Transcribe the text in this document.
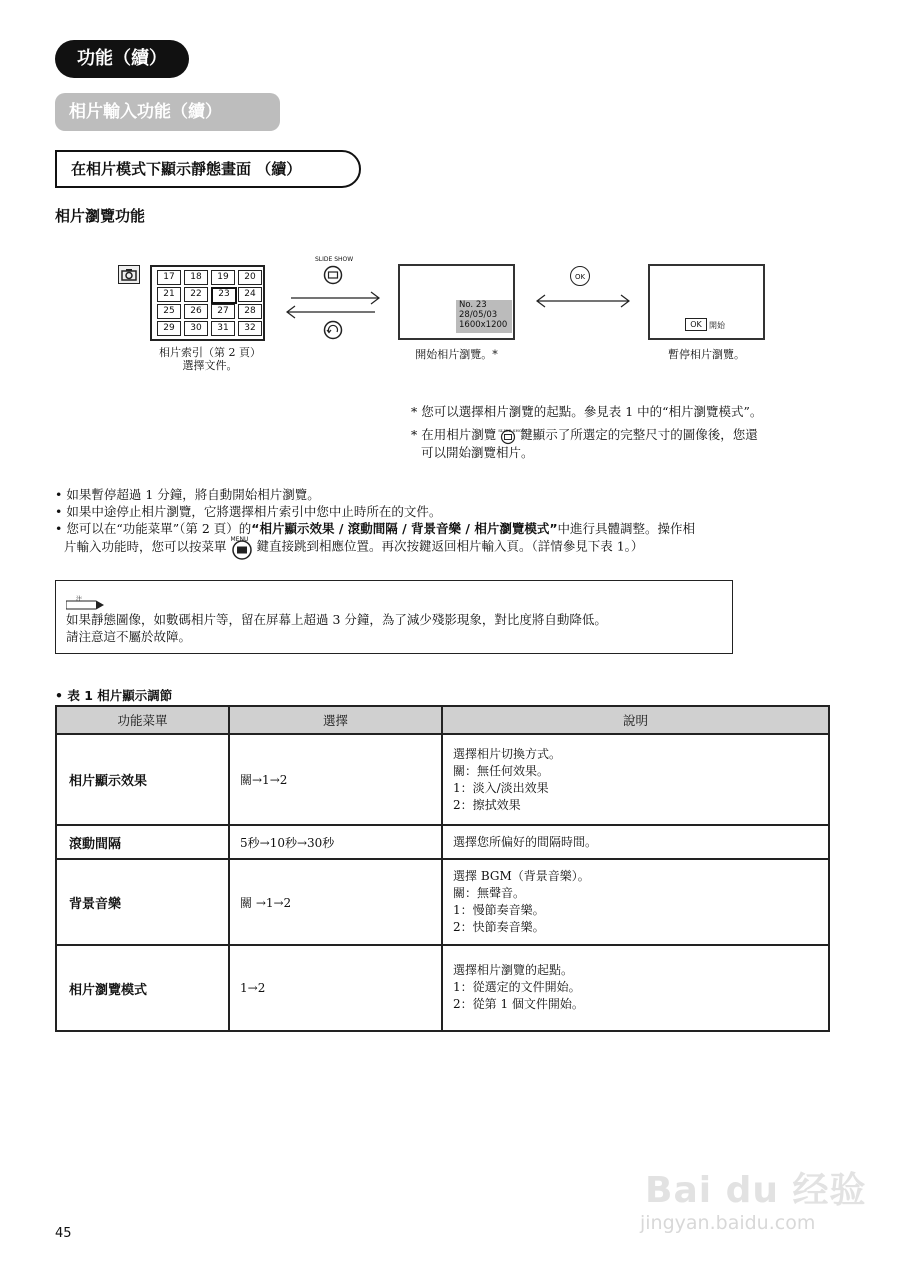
功能（續）
相片輸入功能（續）
在相片模式下顯示靜態畫面 （續）
相片瀏覽功能
17	18	19	20
21	22	23	24
25	26	27	28
29	30	31	32
相片索引（第 2 頁）
選擇文件。
SLIDE SHOW
No. 23
28/05/03
1600x1200
開始相片瀏覽。*
OK
OK 開始
暫停相片瀏覽。
* 您可以選擇相片瀏覽的起點。參見表 1 中的“相片瀏覽模式”。
* 在用相片瀏覽 SLIDE SHOW
鍵顯示了所選定的完整尺寸的圖像後，您還
可以開始瀏覽相片。
• 如果暫停超過 1 分鐘，將自動開始相片瀏覽。
• 如果中途停止相片瀏覽，它將選擇相片索引中您中止時所在的文件。
• 您可以在“功能菜單”（第 2 頁）的“相片顯示效果 / 滾動間隔 / 背景音樂 / 相片瀏覽模式”中進行具體調整。操作相
片輸入功能時，您可以按菜單 MENU 鍵直接跳到相應位置。再次按鍵返回相片輸入頁。（詳情參見下表 1。）
注
如果靜態圖像，如數碼相片等，留在屏幕上超過 3 分鐘，為了減少殘影現象，對比度將自動降低。
請注意這不屬於故障。
• 表 1 相片顯示調節
功能菜單	選擇	說明
相片顯示效果	關→1→2	選擇相片切換方式。
關：無任何效果。
1：淡入/淡出效果
2：擦拭效果

滾動間隔	5秒→10秒→30秒	選擇您所偏好的間隔時間。

背景音樂	關 →1→2	選擇 BGM（背景音樂）。
關：無聲音。
1：慢節奏音樂。
2：快節奏音樂。

相片瀏覽模式	1→2	選擇相片瀏覽的起點。
1：從選定的文件開始。
2：從第 1 個文件開始。
45
Bai du 经验
jingyan.baidu.com
